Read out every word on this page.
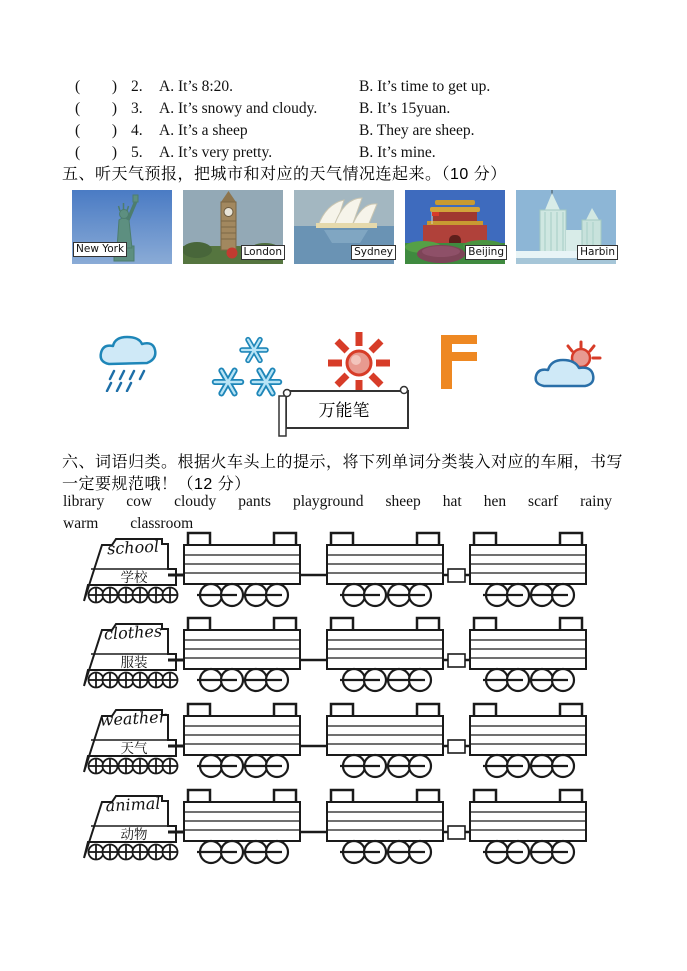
( ) 2.	A. It’s 8:20.	B. It’s time to get up.
( ) 3.	A. It’s snowy and cloudy.	B. It’s 15yuan.
( ) 4.	A. It’s a sheep	B. They are sheep.
( ) 5.	A. It’s very pretty.	B. It’s mine.
五、听天气预报，把城市和对应的天气情况连起来。（10 分）
New York	London	Sydney	Beijing	Harbin
万能笔
六、词语归类。根据火车头上的提示，将下列单词分类装入对应的车厢，书写
一定要规范哦！（12 分）
library cow cloudy pants playground sheep hat hen scarf rainy
warm classroom
school
学校
clothes
服装
weather
天气
animal
动物
